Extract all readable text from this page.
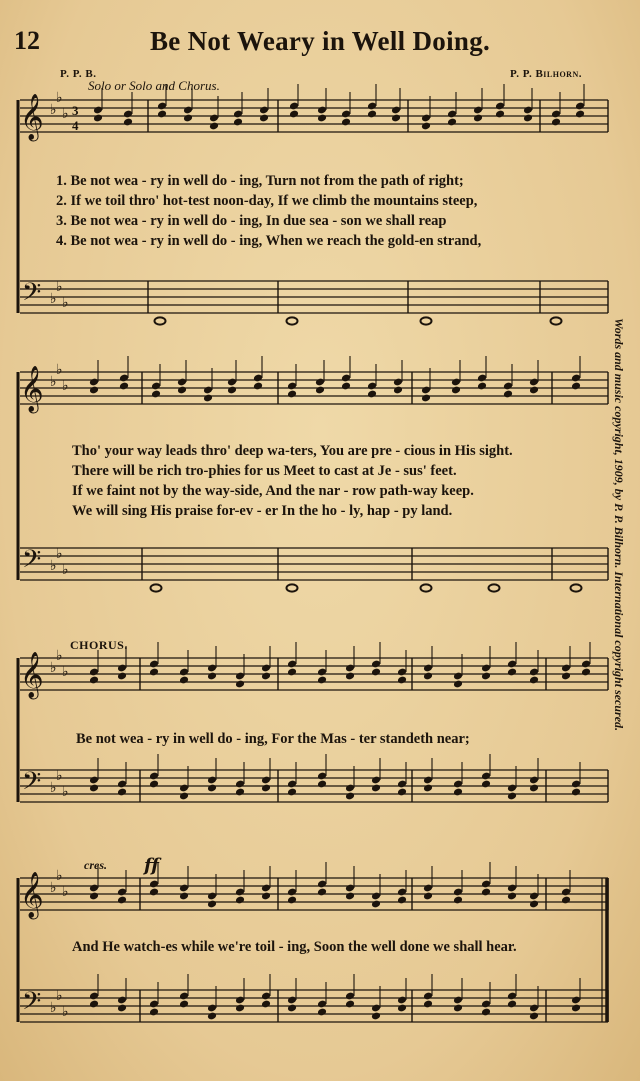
12	Be Not Weary in Well Doing.
P. P. B.	P. P. Bilhorn.
Solo or Solo and Chorus.
𝄞 ♭
♭
♭ 3
4
𝄢 ♭
♭
♭
𝄞 ♭
♭
♭
𝄢 ♭
♭
♭
𝄞 ♭
♭
♭
𝄢 ♭
♭
♭
𝄞 ♭
♭
♭
𝄢 ♭
♭
♭
1. Be not wea - ry in well do - ing, Turn not from the path of right;
2. If we toil thro' hot-test noon-day, If we climb the mountains steep,
3. Be not wea - ry in well do - ing, In due sea - son we shall reap
4. Be not wea - ry in well do - ing, When we reach the gold-en strand,
Tho' your way leads thro' deep wa-ters, You are pre - cious in His sight.
There will be rich tro-phies for us Meet to cast at Je - sus' feet.
If we faint not by the way-side, And the nar - row path-way keep.
We will sing His praise for-ev - er In the ho - ly, hap - py land.
CHORUS.
Be not wea - ry in well do - ing, For the Mas - ter standeth near;
And He watch-es while we're toil - ing, Soon the well done we shall hear.
cres. ff
Words and music copyright, 1909, by P. P. Bilhorn. International copyright secured.
